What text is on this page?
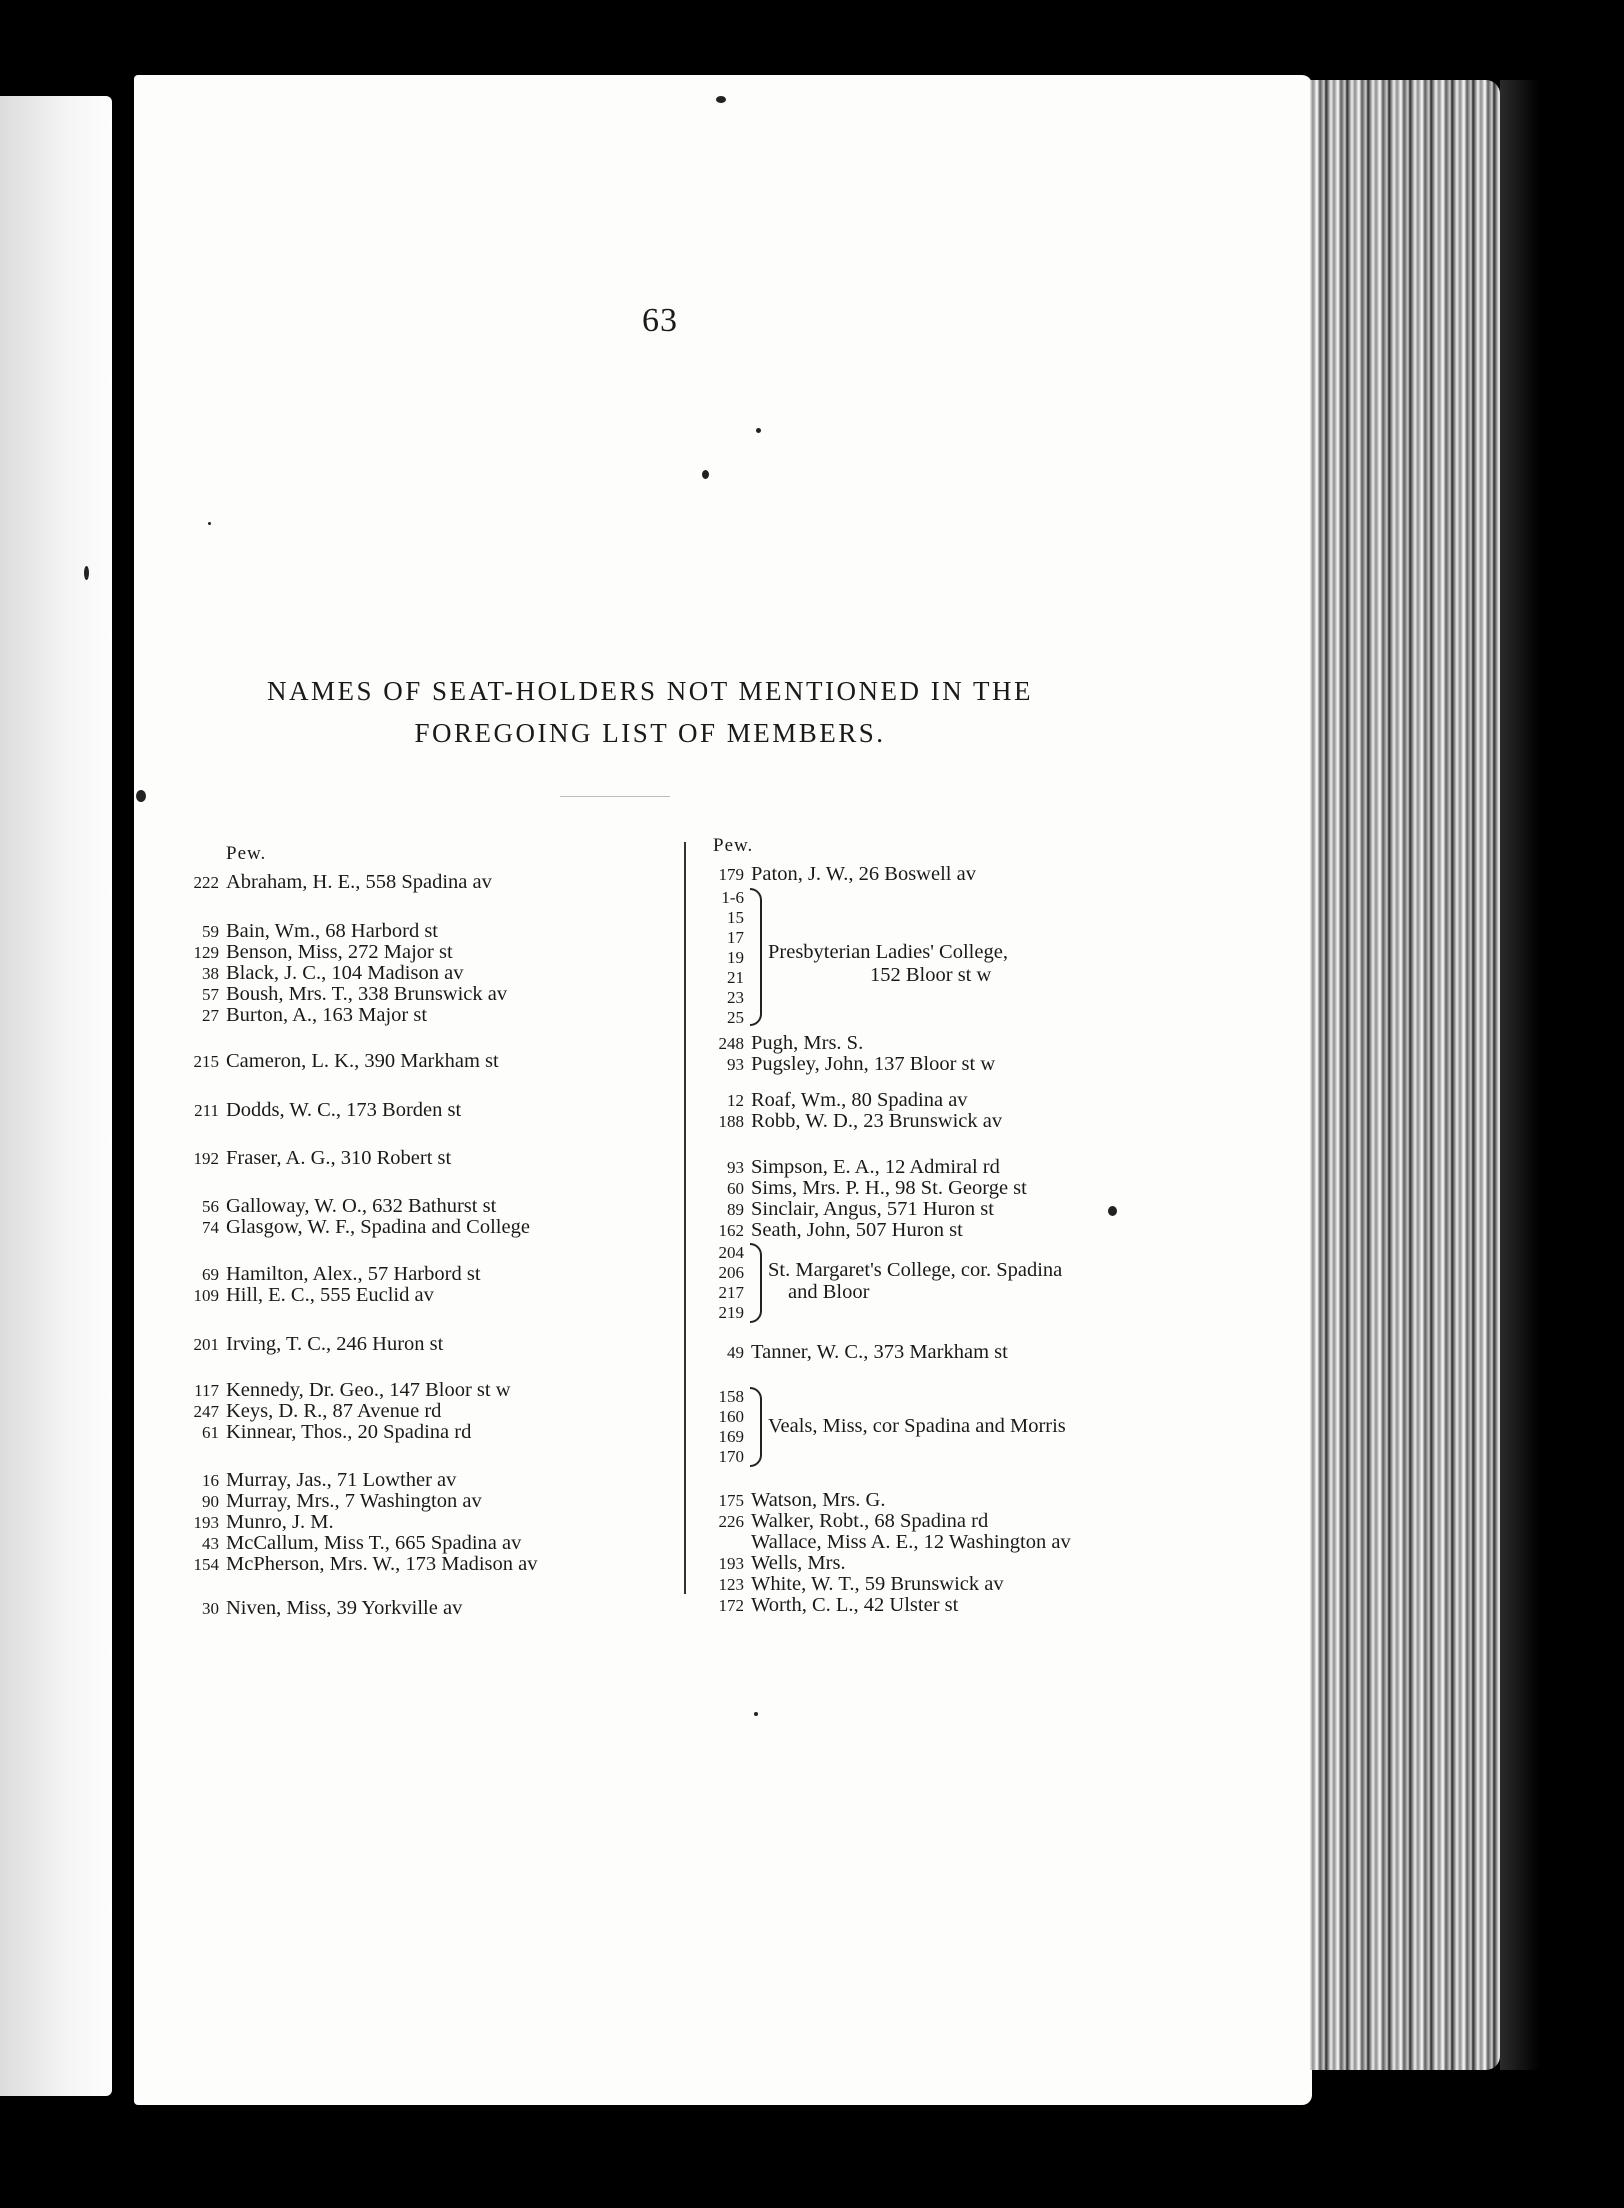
63
NAMES OF SEAT-HOLDERS NOT MENTIONED IN THE
FOREGOING LIST OF MEMBERS.
Pew.
222 Abraham, H. E., 558 Spadina av
59 Bain, Wm., 68 Harbord st
129 Benson, Miss, 272 Major st
38 Black, J. C., 104 Madison av
57 Boush, Mrs. T., 338 Brunswick av
27 Burton, A., 163 Major st
215 Cameron, L. K., 390 Markham st
211 Dodds, W. C., 173 Borden st
192 Fraser, A. G., 310 Robert st
56 Galloway, W. O., 632 Bathurst st
74 Glasgow, W. F., Spadina and College
69 Hamilton, Alex., 57 Harbord st
109 Hill, E. C., 555 Euclid av
201 Irving, T. C., 246 Huron st
117 Kennedy, Dr. Geo., 147 Bloor st w
247 Keys, D. R., 87 Avenue rd
61 Kinnear, Thos., 20 Spadina rd
16 Murray, Jas., 71 Lowther av
90 Murray, Mrs., 7 Washington av
193 Munro, J. M.
43 McCallum, Miss T., 665 Spadina av
154 McPherson, Mrs. W., 173 Madison av
30 Niven, Miss, 39 Yorkville av
Pew.
179 Paton, J. W., 26 Boswell av
1-6
15
17
19
21
23
25
Presbyterian Ladies' College,
152 Bloor st w
248 Pugh, Mrs. S.
93 Pugsley, John, 137 Bloor st w
12 Roaf, Wm., 80 Spadina av
188 Robb, W. D., 23 Brunswick av
93 Simpson, E. A., 12 Admiral rd
60 Sims, Mrs. P. H., 98 St. George st
89 Sinclair, Angus, 571 Huron st
162 Seath, John, 507 Huron st
204
206
217
219
St. Margaret's College, cor. Spadina
and Bloor
49 Tanner, W. C., 373 Markham st
158
160
169
170
Veals, Miss, cor Spadina and Morris
175 Watson, Mrs. G.
226 Walker, Robt., 68 Spadina rd
Wallace, Miss A. E., 12 Washington av
193 Wells, Mrs.
123 White, W. T., 59 Brunswick av
172 Worth, C. L., 42 Ulster st
